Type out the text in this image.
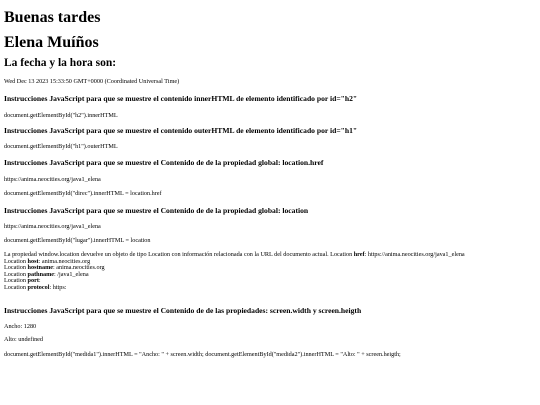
Buenas tardes
Elena Muíños
La fecha y la hora son:
Wed Dec 13 2023 15:33:50 GMT+0000 (Coordinated Universal Time)
Instrucciones JavaScript para que se muestre el contenido innerHTML de elemento identificado por id="h2"
document.getElementById("h2").innerHTML
Instrucciones JavaScript para que se muestre el contenido outerHTML de elemento identificado por id="h1"
document.getElementById("h1").outerHTML
Instrucciones JavaScript para que se muestre el Contenido de de la propiedad global: location.href
https://anima.neocities.org/java1_elena
document.getElementById("direc").innerHTML = location.href
Instrucciones JavaScript para que se muestre el Contenido de de la propiedad global: location
https://anima.neocities.org/java1_elena
document.getElementById("lugar").innerHTML = location
La propiedad window.location devuelve un objeto de tipo Location con información relacionada con la URL del documento actual. Location href: https://anima.neocities.org/java1_elena
Location host: anima.neocities.org
Location hostname: anima.neocities.org
Location pathname: /java1_elena
Location port:
Location protocol: https:
Instrucciones JavaScript para que se muestre el Contenido de de las propiedades: screen.width y screen.heigth
Ancho: 1280
Alto: undefined
document.getElementById("medida1").innerHTML = "Ancho: " + screen.width; document.getElementById("medida2").innerHTML = "Alto: " + screen.heigth;
